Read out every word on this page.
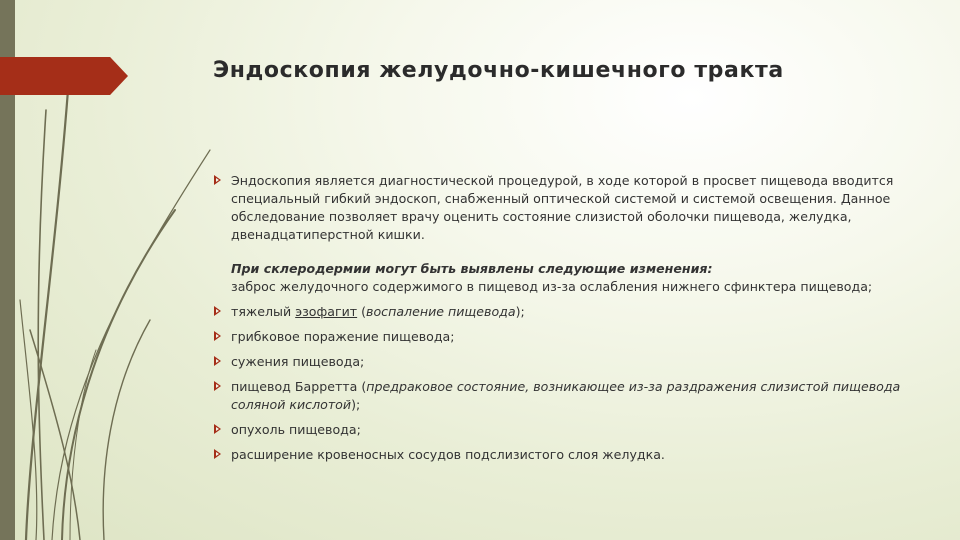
Эндоскопия желудочно-кишечного тракта
Эндоскопия является диагностической процедурой, в ходе которой в просвет пищевода вводится специальный гибкий эндоскоп, снабженный оптической системой и системой освещения. Данное обследование позволяет врачу оценить состояние слизистой оболочки пищевода, желудка, двенадцатиперстной кишки.
При склеродермии могут быть выявлены следующие изменения:
заброс желудочного содержимого в пищевод из-за ослабления нижнего сфинктера пищевода;
тяжелый эзофагит (воспаление пищевода);
грибковое поражение пищевода;
сужения пищевода;
пищевод Барретта (предраковое состояние, возникающее из-за раздражения слизистой пищевода соляной кислотой);
опухоль пищевода;
расширение кровеносных сосудов подслизистого слоя желудка.
